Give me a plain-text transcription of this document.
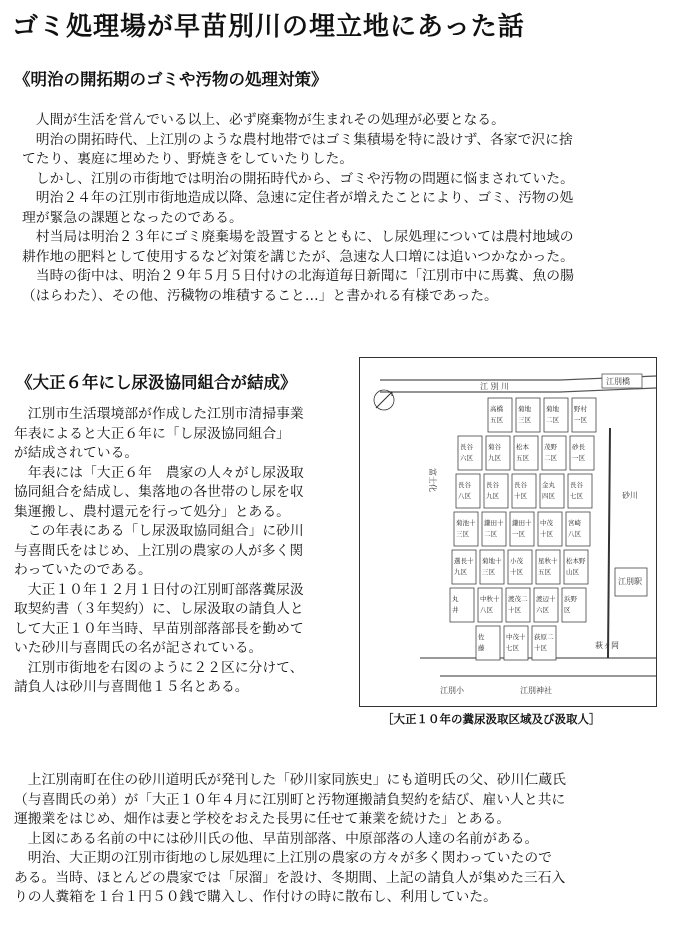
ゴミ処理場が早苗別川の埋立地にあった話
《明治の開拓期のゴミや汚物の処理対策》
　人間が生活を営んでいる以上、必ず廃棄物が生まれその処理が必要となる。
　明治の開拓時代、上江別のような農村地帯ではゴミ集積場を特に設けず、各家で沢に捨
てたり、裏庭に埋めたり、野焼きをしていたりした。
　しかし、江別の市街地では明治の開拓時代から、ゴミや汚物の問題に悩まされていた。
　明治２４年の江別市街地造成以降、急速に定住者が増えたことにより、ゴミ、汚物の処
理が緊急の課題となったのである。
　村当局は明治２３年にゴミ廃棄場を設置するとともに、し尿処理については農村地域の
耕作地の肥料として使用するなど対策を講じたが、急速な人口増には追いつかなかった。
　当時の街中は、明治２９年５月５日付けの北海道毎日新聞に「江別市中に馬糞、魚の腸
（はらわた）、その他、汚穢物の堆積すること…」と書かれる有様であった。
《大正６年にし尿汲協同組合が結成》
　江別市生活環境部が作成した江別市清掃事業
年表によると大正６年に「し尿汲協同組合」
が結成されている。
　年表には「大正６年　農家の人々がし尿汲取
協同組合を結成し、集落地の各世帯のし尿を収
集運搬し、農村還元を行って処分」とある。
　この年表にある「し尿汲取協同組合」に砂川
与喜間氏をはじめ、上江別の農家の人が多く関
わっていたのである。
　大正１０年１２月１日付の江別町部落糞尿汲
取契約書（３年契約）に、し尿汲取の請負人と
して大正１０年当時、早苗別部落部長を勤めて
いた砂川与喜間氏の名が記されている。
　江別市街地を右図のように２２区に分けて、
請負人は砂川与喜間他１５名とある。
　上江別南町在住の砂川道明氏が発刊した「砂川家同族史」にも道明氏の父、砂川仁蔵氏
（与喜間氏の弟）が「大正１０年４月に江別町と汚物運搬請負契約を結び、雇い人と共に
運搬業をはじめ、畑作は妻と学校をおえた長男に任せて兼業を続けた」とある。
　上図にある名前の中には砂川氏の他、早苗別部落、中原部落の人達の名前がある。
　明治、大正期の江別市街地のし尿処理に上江別の農家の方々が多く関わっていたので
ある。当時、ほとんどの農家では「尿溜」を設け、冬期間、上記の請負人が集めた三石入
りの人糞箱を１台１円５０銭で購入し、作付けの時に散布し、利用していた。
江 別 川
江別橋
江別駅
萩ヶ岡
江別小	江別神社
砂川
富士化
高橋
五区
菊地
三区
菊地
二区
野村
一区
長谷
六区
菊谷
九区
松本
五区
茂野
二区
砂長
一区
長谷
八区
長谷
九区
長谷
十区
金丸
四区
長谷
七区
菊池十
三区
鎌田十
二区
鎌田十
一区
中茂
十区
宮崎
八区
選長十
九区
菊地十
三区
小茂
十区
星秋十
五区
松本野
山区
丸
井
中秋十
八区
渡茂二
十区
渡辺十
六区
浜野
区
佐
藤
中茂十
七区
荻原二
十区
［大正１０年の糞尿汲取区域及び汲取人］
